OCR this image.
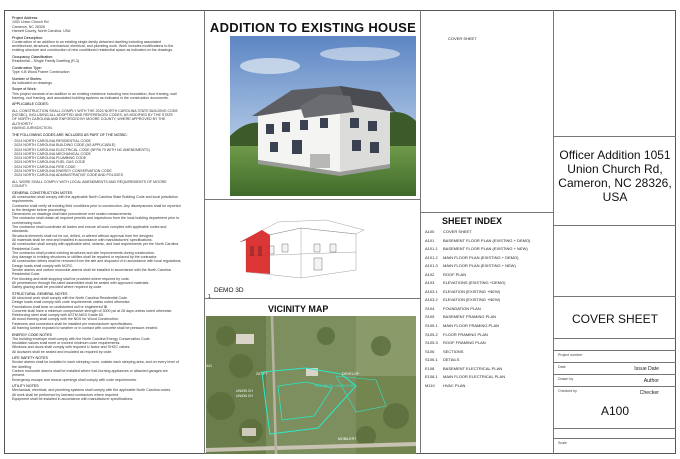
Project Address:
1051 Union Church Rd
Cameron, NC 28326
Harnett County, North Carolina, USA
Project Description:
Construction of an addition to an existing single-family detached dwelling including associated
architectural, structural, mechanical, electrical, and plumbing work. Work includes modifications to the
existing structure and construction of new conditioned residential space as indicated on the drawings.
Occupancy Classification:
Residential – Single Family Dwelling (R-3)
Construction Type:
Type V-B Wood Frame Construction
Number of Stories:
As indicated on drawings
Scope of Work:
This project consists of an addition to an existing residence including new foundation, floor framing, wall
framing, roof framing, and associated building systems as indicated in the construction documents.
APPLICABLE CODES:
ALL CONSTRUCTION SHALL COMPLY WITH THE 2024 NORTH CAROLINA STATE BUILDING CODE
(NCSBC), INCLUDING ALL ADOPTED AND REFERENCED CODES, AS MODIFIED BY THE STATE
OF NORTH CAROLINA AND ENFORCED BY MOORE COUNTY, WHERE APPROVED BY THE
AUTHORITY
HAVING JURISDICTION.
THE FOLLOWING CODES ARE INCLUDED AS PART OF THE NCSBC:
· 2024 NORTH CAROLINA RESIDENTIAL CODE
· 2024 NORTH CAROLINA BUILDING CODE (AS APPLICABLE)
· 2024 NORTH CAROLINA ELECTRICAL CODE (NFPA 70 WITH NC AMENDMENTS)
· 2024 NORTH CAROLINA MECHANICAL CODE
· 2024 NORTH CAROLINA PLUMBING CODE
· 2024 NORTH CAROLINA FUEL GAS CODE
· 2024 NORTH CAROLINA FIRE CODE
· 2024 NORTH CAROLINA ENERGY CONSERVATION CODE
· 2024 NORTH CAROLINA ADMINISTRATIVE CODE AND POLICIES
ALL WORK SHALL COMPLY WITH LOCAL AMENDMENTS AND REQUIREMENTS OF MOORE
COUNTY.
GENERAL CONSTRUCTION NOTES
All construction shall comply with the applicable North Carolina State Building Code and local jurisdiction
requirements.
Contractor shall verify all existing field conditions prior to construction. Any discrepancies shall be reported
to the designer before proceeding.
Dimensions on drawings shall take precedence over scaled measurements.
The contractor shall obtain all required permits and inspections from the local building department prior to
commencing work.
The contractor shall coordinate all trades and ensure all work complies with applicable codes and
standards.
Structural elements shall not be cut, drilled, or altered without approval from the designer.
All materials shall be new and installed in accordance with manufacturers' specifications.
All construction shall comply with applicable wind, seismic, and load requirements per the North Carolina
Residential Code.
The contractor shall protect existing structures and site improvements during construction.
Any damage to existing structures or utilities shall be repaired or replaced by the contractor.
All construction debris shall be removed from the site and disposed of in accordance with local regulations.
Design loads shall comply with NCRC.
Smoke alarms and carbon monoxide alarms shall be installed in accordance with the North Carolina
Residential Code.
Fire blocking and draft stopping shall be provided where required by code.
All penetrations through fire-rated assemblies shall be sealed with approved materials.
Safety glazing shall be provided where required by code.
STRUCTURAL GENERAL NOTES
All structural work shall comply with the North Carolina Residential Code.
Design loads shall comply with code requirements unless noted otherwise.
Foundations shall bear on undisturbed soil or engineered fill.
Concrete shall have a minimum compressive strength of 3000 psi at 28 days unless noted otherwise.
Reinforcing steel shall comply with ASTM A615 Grade 60.
All wood framing shall comply with the NDS for Wood Construction.
Fasteners and connectors shall be installed per manufacturer specifications.
All framing lumber exposed to weather or in contact with concrete shall be pressure-treated.
ENERGY CODE NOTES
The building envelope shall comply with the North Carolina Energy Conservation Code.
Insulation values shall meet or exceed minimum code requirements.
Windows and doors shall comply with required U-factor and SHGC values.
All ductwork shall be sealed and insulated as required by code.
LIFE SAFETY NOTES
Smoke alarms shall be installed in each sleeping room, outside each sleeping area, and on every level of
the dwelling.
Carbon monoxide alarms shall be installed where fuel-burning appliances or attached garages are
present.
Emergency escape and rescue openings shall comply with code requirements.
UTILITY NOTES
Mechanical, electrical, and plumbing systems shall comply with the applicable North Carolina codes.
All work shall be performed by licensed contractors where required.
Equipment shall be installed in accordance with manufacturer specifications.
ADDITION TO EXISTING HOUSE
DEMO 3D
1
VICINITY MAP
207 FT	DEVELOP
1051 UNION CHURCH RD
UNION CH
UNION CH
MOBILERT
441
COVER SHEET
SHEET INDEX
A100	COVER SHEET
A101	BASEMENT FLOOR PLAN (EXISTING + DEMO)
A101.1	BASEMENT FLOOR PLAN (EXISTING + NEW)
A101.2	MAIN FLOOR PLAN (EXISTING + DEMO)
A101.3	MAIN FLOOR PLAN (EXISTING + NEW)
A102	ROOF PLAN
A103	ELEVATIONS (EXISTING +DEMO)
A103.1	ELEVATION (EXISTING +NEW)
A103.2	ELEVATION (EXISTING +NEW)
S104	FOUNDATION PLAN
S105	BASEMENT FRAMING PLAN
S105.1	MAIN FLOOR FRAMING PLAN
S105.2	FLOOR FRAMING PLAN
S105.3	ROOF FRAMING PLAN
S106	SECTIONS
S106.1	DETAILS
E108	BASEMENT ELECTRICAL PLAN
E108.1	MAIN FLOOR ELECTRICAL PLAN
M110	HVAC PLAN
Officer Addition 1051 Union Church Rd, Cameron, NC 28326, USA
COVER SHEET
Project number
Date	Issue Date
Drawn by	Author
Checked by	Checker
A100
Scale
